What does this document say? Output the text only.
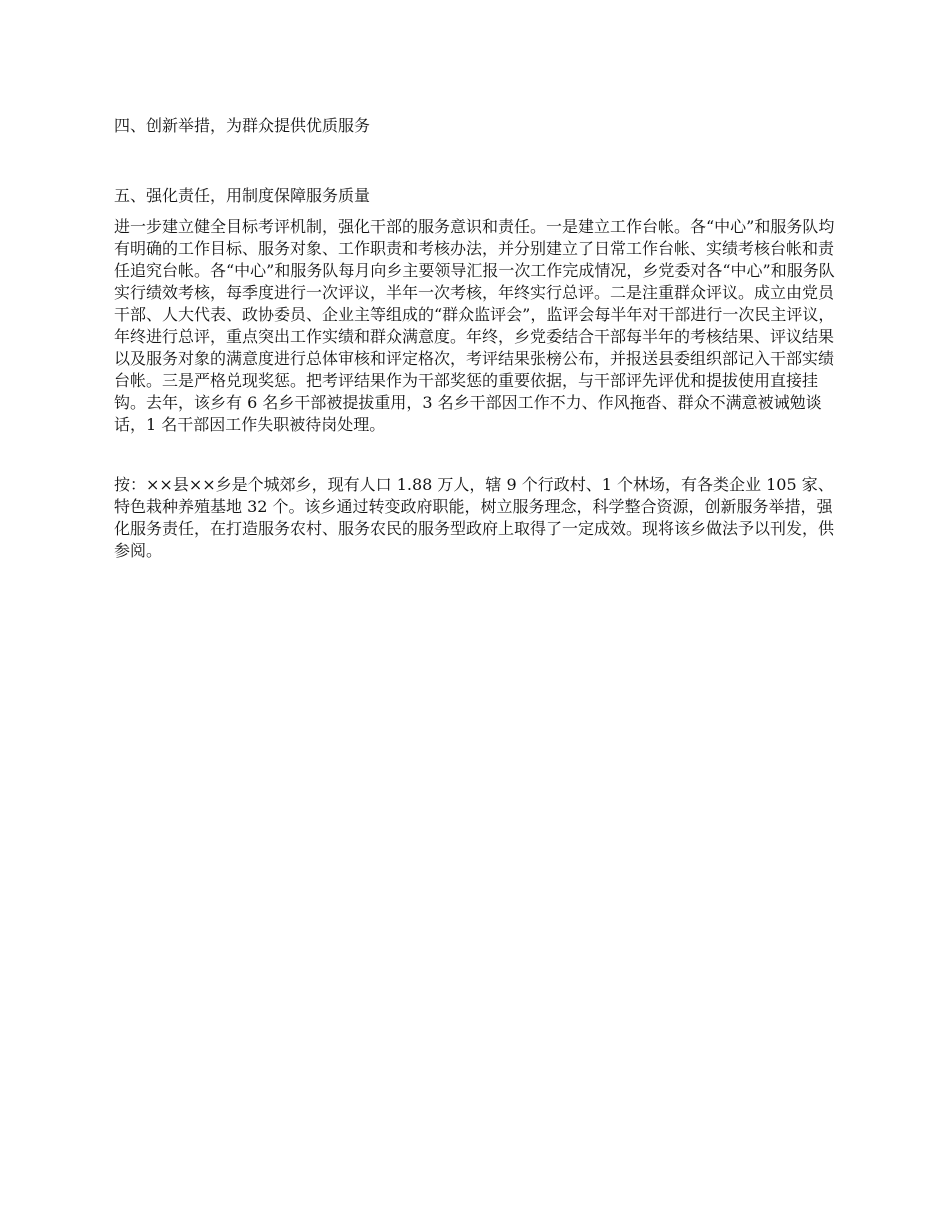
四、创新举措，为群众提供优质服务

五、强化责任，用制度保障服务质量

进一步建立健全目标考评机制，强化干部的服务意识和责任。一是建立工作台帐。各“中心”和服务队均有明确的工作目标、服务对象、工作职责和考核办法，并分别建立了日常工作台帐、实绩考核台帐和责任追究台帐。各“中心”和服务队每月向乡主要领导汇报一次工作完成情况，乡党委对各“中心”和服务队实行绩效考核，每季度进行一次评议，半年一次考核，年终实行总评。二是注重群众评议。成立由党员干部、人大代表、政协委员、企业主等组成的“群众监评会”，监评会每半年对干部进行一次民主评议，年终进行总评，重点突出工作实绩和群众满意度。年终，乡党委结合干部每半年的考核结果、评议结果以及服务对象的满意度进行总体审核和评定格次，考评结果张榜公布，并报送县委组织部记入干部实绩台帐。三是严格兑现奖惩。把考评结果作为干部奖惩的重要依据，与干部评先评优和提拔使用直接挂钩。去年，该乡有 6 名乡干部被提拔重用，3 名乡干部因工作不力、作风拖沓、群众不满意被诫勉谈话，1 名干部因工作失职被待岗处理。

按：××县××乡是个城郊乡，现有人口 1.88 万人，辖 9 个行政村、1 个林场，有各类企业 105 家、特色栽种养殖基地 32 个。该乡通过转变政府职能，树立服务理念，科学整合资源，创新服务举措，强化服务责任，在打造服务农村、服务农民的服务型政府上取得了一定成效。现将该乡做法予以刊发，供参阅。
